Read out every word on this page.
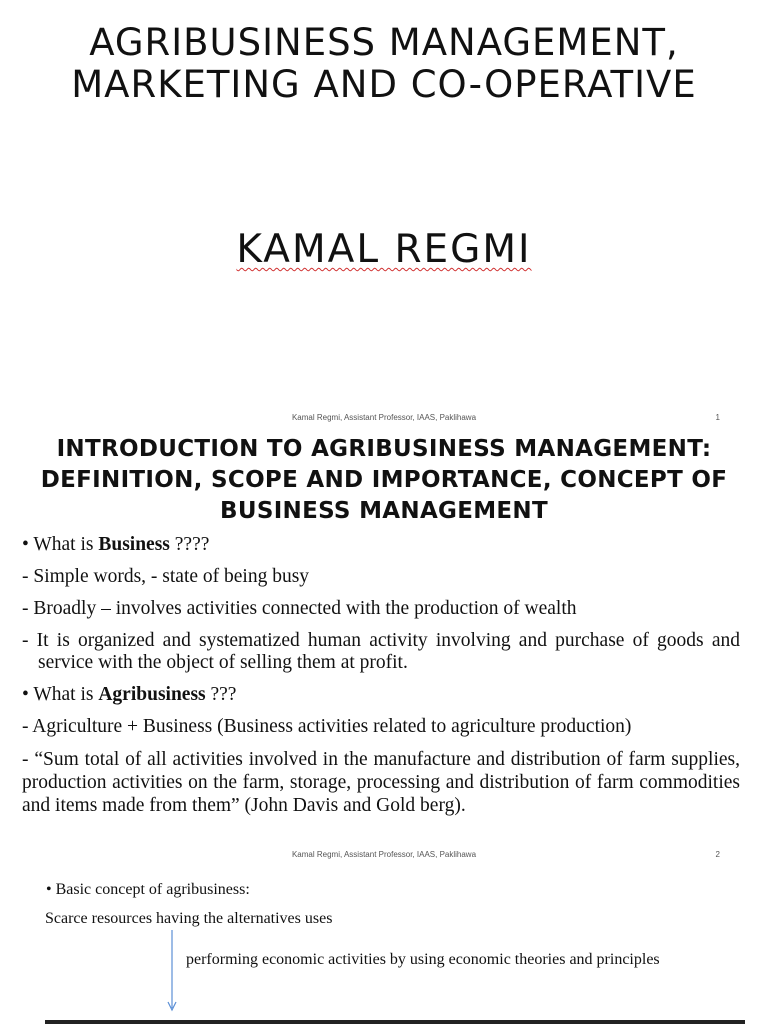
AGRIBUSINESS MANAGEMENT,
MARKETING AND CO-OPERATIVE
KAMAL REGMI
Kamal Regmi, Assistant Professor, IAAS, Paklihawa	1
INTRODUCTION TO AGRIBUSINESS MANAGEMENT:
DEFINITION, SCOPE AND IMPORTANCE, CONCEPT OF
BUSINESS MANAGEMENT

• What is Business ????

- Simple words, - state of being busy

- Broadly – involves activities connected with the production of wealth

- It is organized and systematized human activity involving and purchase of goods and service with the object of selling them at profit.

• What is Agribusiness ???

- Agriculture + Business (Business activities related to agriculture production)

- “Sum total of all activities involved in the manufacture and distribution of farm supplies, production activities on the farm, storage, processing and distribution of farm commodities and items made from them” (John Davis and Gold berg).

Kamal Regmi, Assistant Professor, IAAS, Paklihawa	2
• Basic concept of agribusiness:
Scarce resources having the alternatives uses
performing economic activities by using economic theories and principles
